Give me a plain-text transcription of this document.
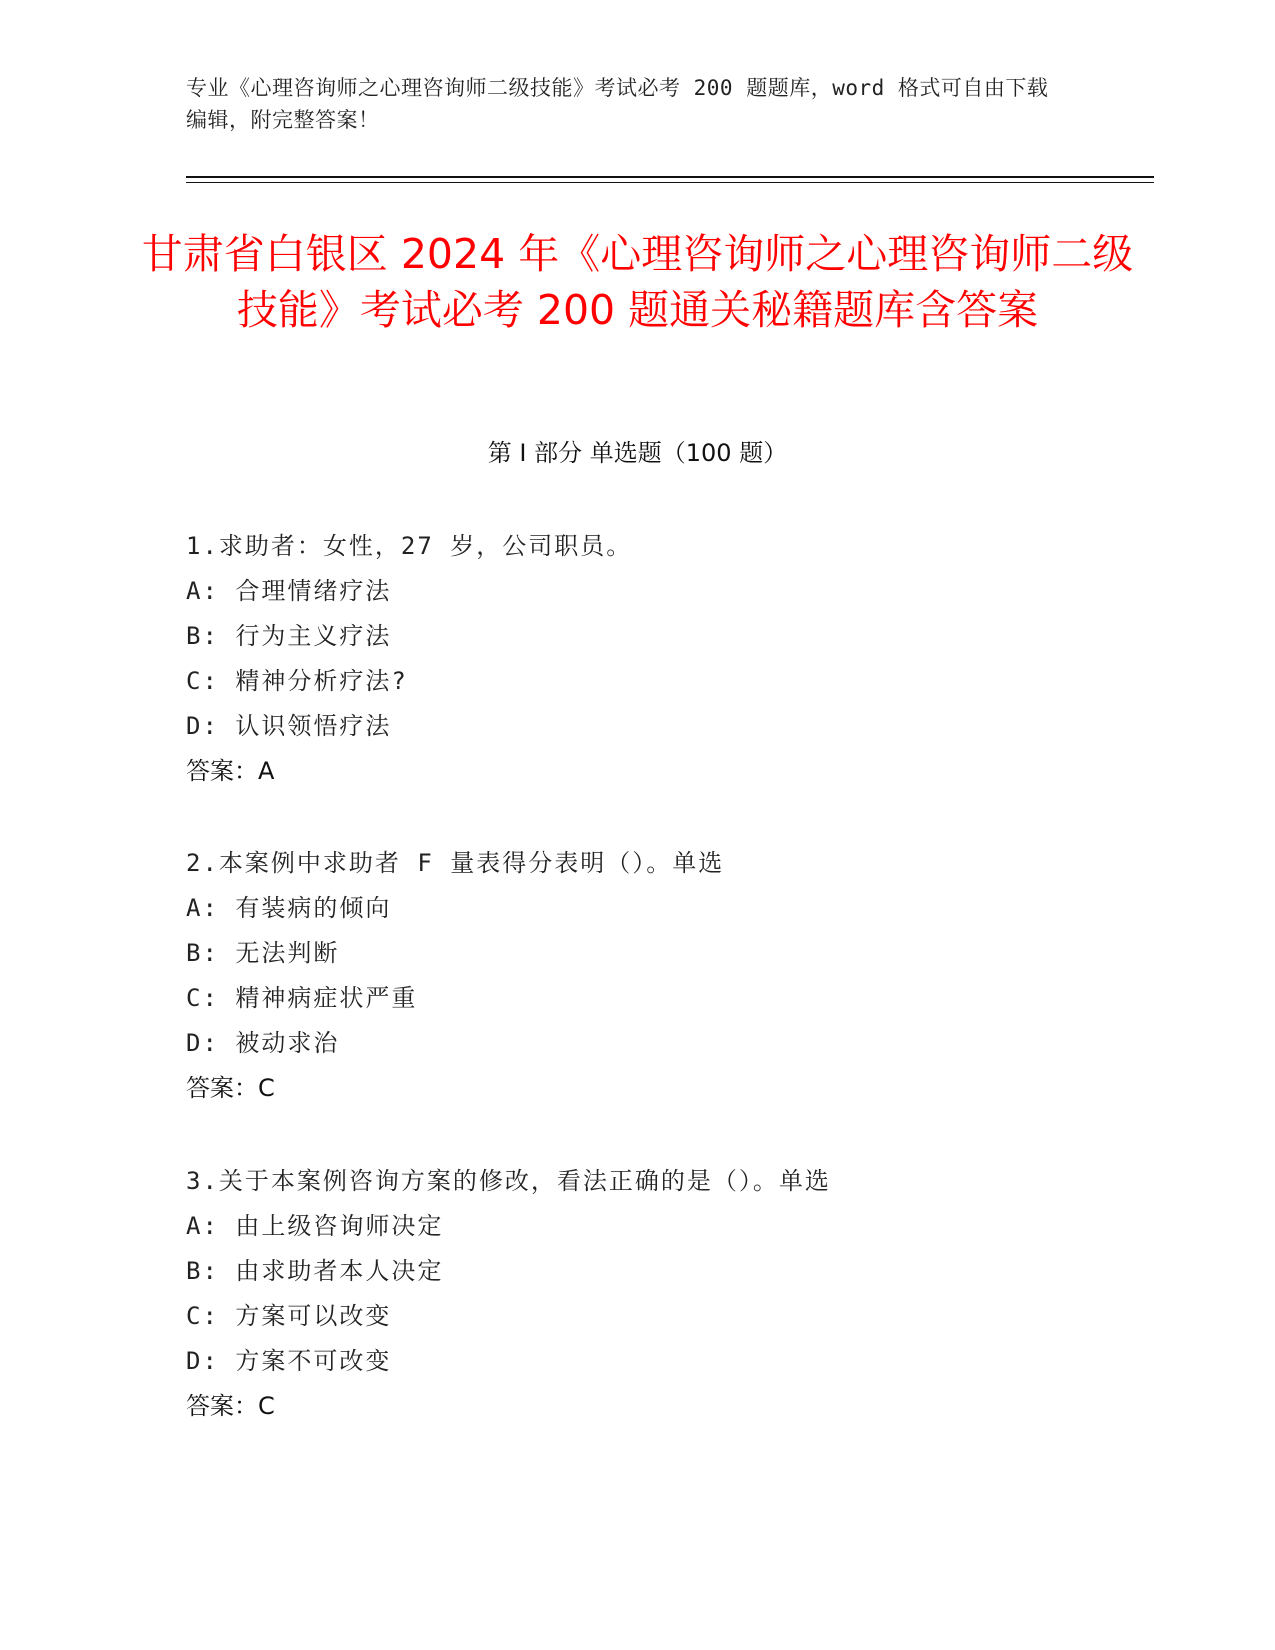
专业《心理咨询师之心理咨询师二级技能》考试必考 200 题题库，word 格式可自由下载编辑，附完整答案！
甘肃省白银区 2024 年《心理咨询师之心理咨询师二级技能》考试必考 200 题通关秘籍题库含答案
第 I 部分 单选题（100 题）
1.求助者：女性，27 岁，公司职员。
A: 合理情绪疗法
B: 行为主义疗法
C: 精神分析疗法?
D: 认识领悟疗法
答案：A
2.本案例中求助者 F 量表得分表明（）。单选
A: 有装病的倾向
B: 无法判断
C: 精神病症状严重
D: 被动求治
答案：C
3.关于本案例咨询方案的修改，看法正确的是（）。单选
A: 由上级咨询师决定
B: 由求助者本人决定
C: 方案可以改变
D: 方案不可改变
答案：C
